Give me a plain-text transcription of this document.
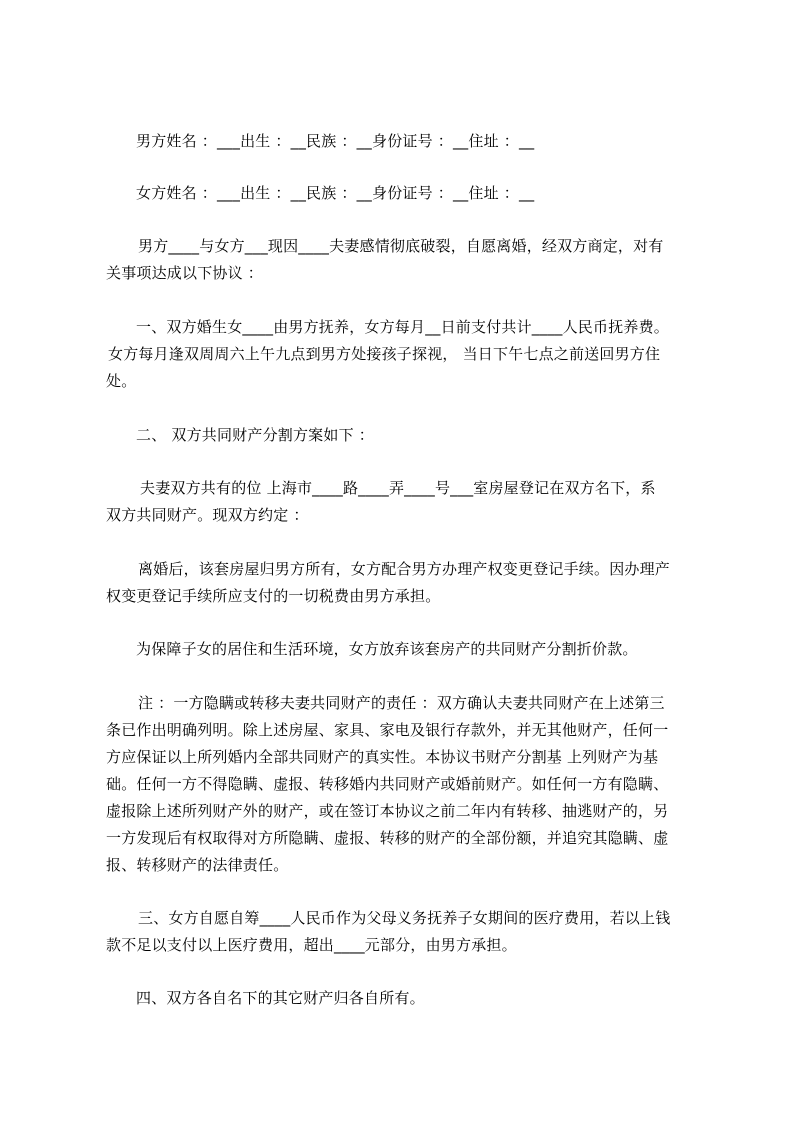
男方姓名 ：___出生 ：__民族 ：__身份证号 ：__住址 ：__
女方姓名 ：___出生 ：__民族 ：__身份证号 ：__住址 ：__
男方____与女方___现因____夫妻感情彻底破裂，自愿离婚，经双方商定，对有
关事项达成以下协议 ：
一、双方婚生女____由男方抚养，女方每月__日前支付共计____人民币抚养费。
女方每月逢双周周六上午九点到男方处接孩子探视， 当日下午七点之前送回男方住
处。
二、 双方共同财产分割方案如下 ：
夫妻双方共有的位 上海市____路____弄____号___室房屋登记在双方名下，系
双方共同财产。现双方约定 ：
离婚后，该套房屋归男方所有，女方配合男方办理产权变更登记手续。因办理产
权变更登记手续所应支付的一切税费由男方承担。
为保障子女的居住和生活环境，女方放弃该套房产的共同财产分割折价款。
注 ：一方隐瞒或转移夫妻共同财产的责任 ：双方确认夫妻共同财产在上述第三
条已作出明确列明。除上述房屋、家具、家电及银行存款外，并无其他财产，任何一
方应保证以上所列婚内全部共同财产的真实性。本协议书财产分割基 上列财产为基
础。任何一方不得隐瞒、虚报、转移婚内共同财产或婚前财产。如任何一方有隐瞒、
虚报除上述所列财产外的财产，或在签订本协议之前二年内有转移、抽逃财产的，另
一方发现后有权取得对方所隐瞒、虚报、转移的财产的全部份额，并追究其隐瞒、虚
报、转移财产的法律责任。
三、女方自愿自筹____人民币作为父母义务抚养子女期间的医疗费用，若以上钱
款不足以支付以上医疗费用，超出____元部分，由男方承担。
四、双方各自名下的其它财产归各自所有。
